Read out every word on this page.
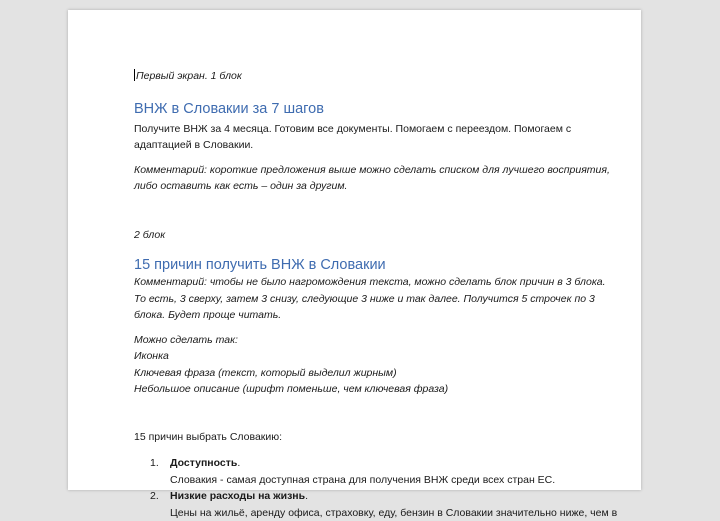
Первый экран. 1 блок
ВНЖ в Словакии за 7 шагов
Получите ВНЖ за 4 месяца. Готовим все документы. Помогаем с переездом. Помогаем с
адаптацией в Словакии.
Комментарий: короткие предложения выше можно сделать списком для лучшего восприятия,
либо оставить как есть – один за другим.
2 блок
15 причин получить ВНЖ в Словакии
Комментарий: чтобы не было нагромождения текста, можно сделать блок причин в 3 блока.
То есть, 3 сверху, затем 3 снизу, следующие 3 ниже и так далее. Получится 5 строчек по 3
блока. Будет проще читать.
Можно сделать так:
Иконка
Ключевая фраза (текст, который выделил жирным)
Небольшое описание (шрифт поменьше, чем ключевая фраза)
15 причин выбрать Словакию:
1. Доступность.
Словакия - самая доступная страна для получения ВНЖ среди всех стран ЕС.
2. Низкие расходы на жизнь.
Цены на жильё, аренду офиса, страховку, еду, бензин в Словакии значительно ниже, чем в
